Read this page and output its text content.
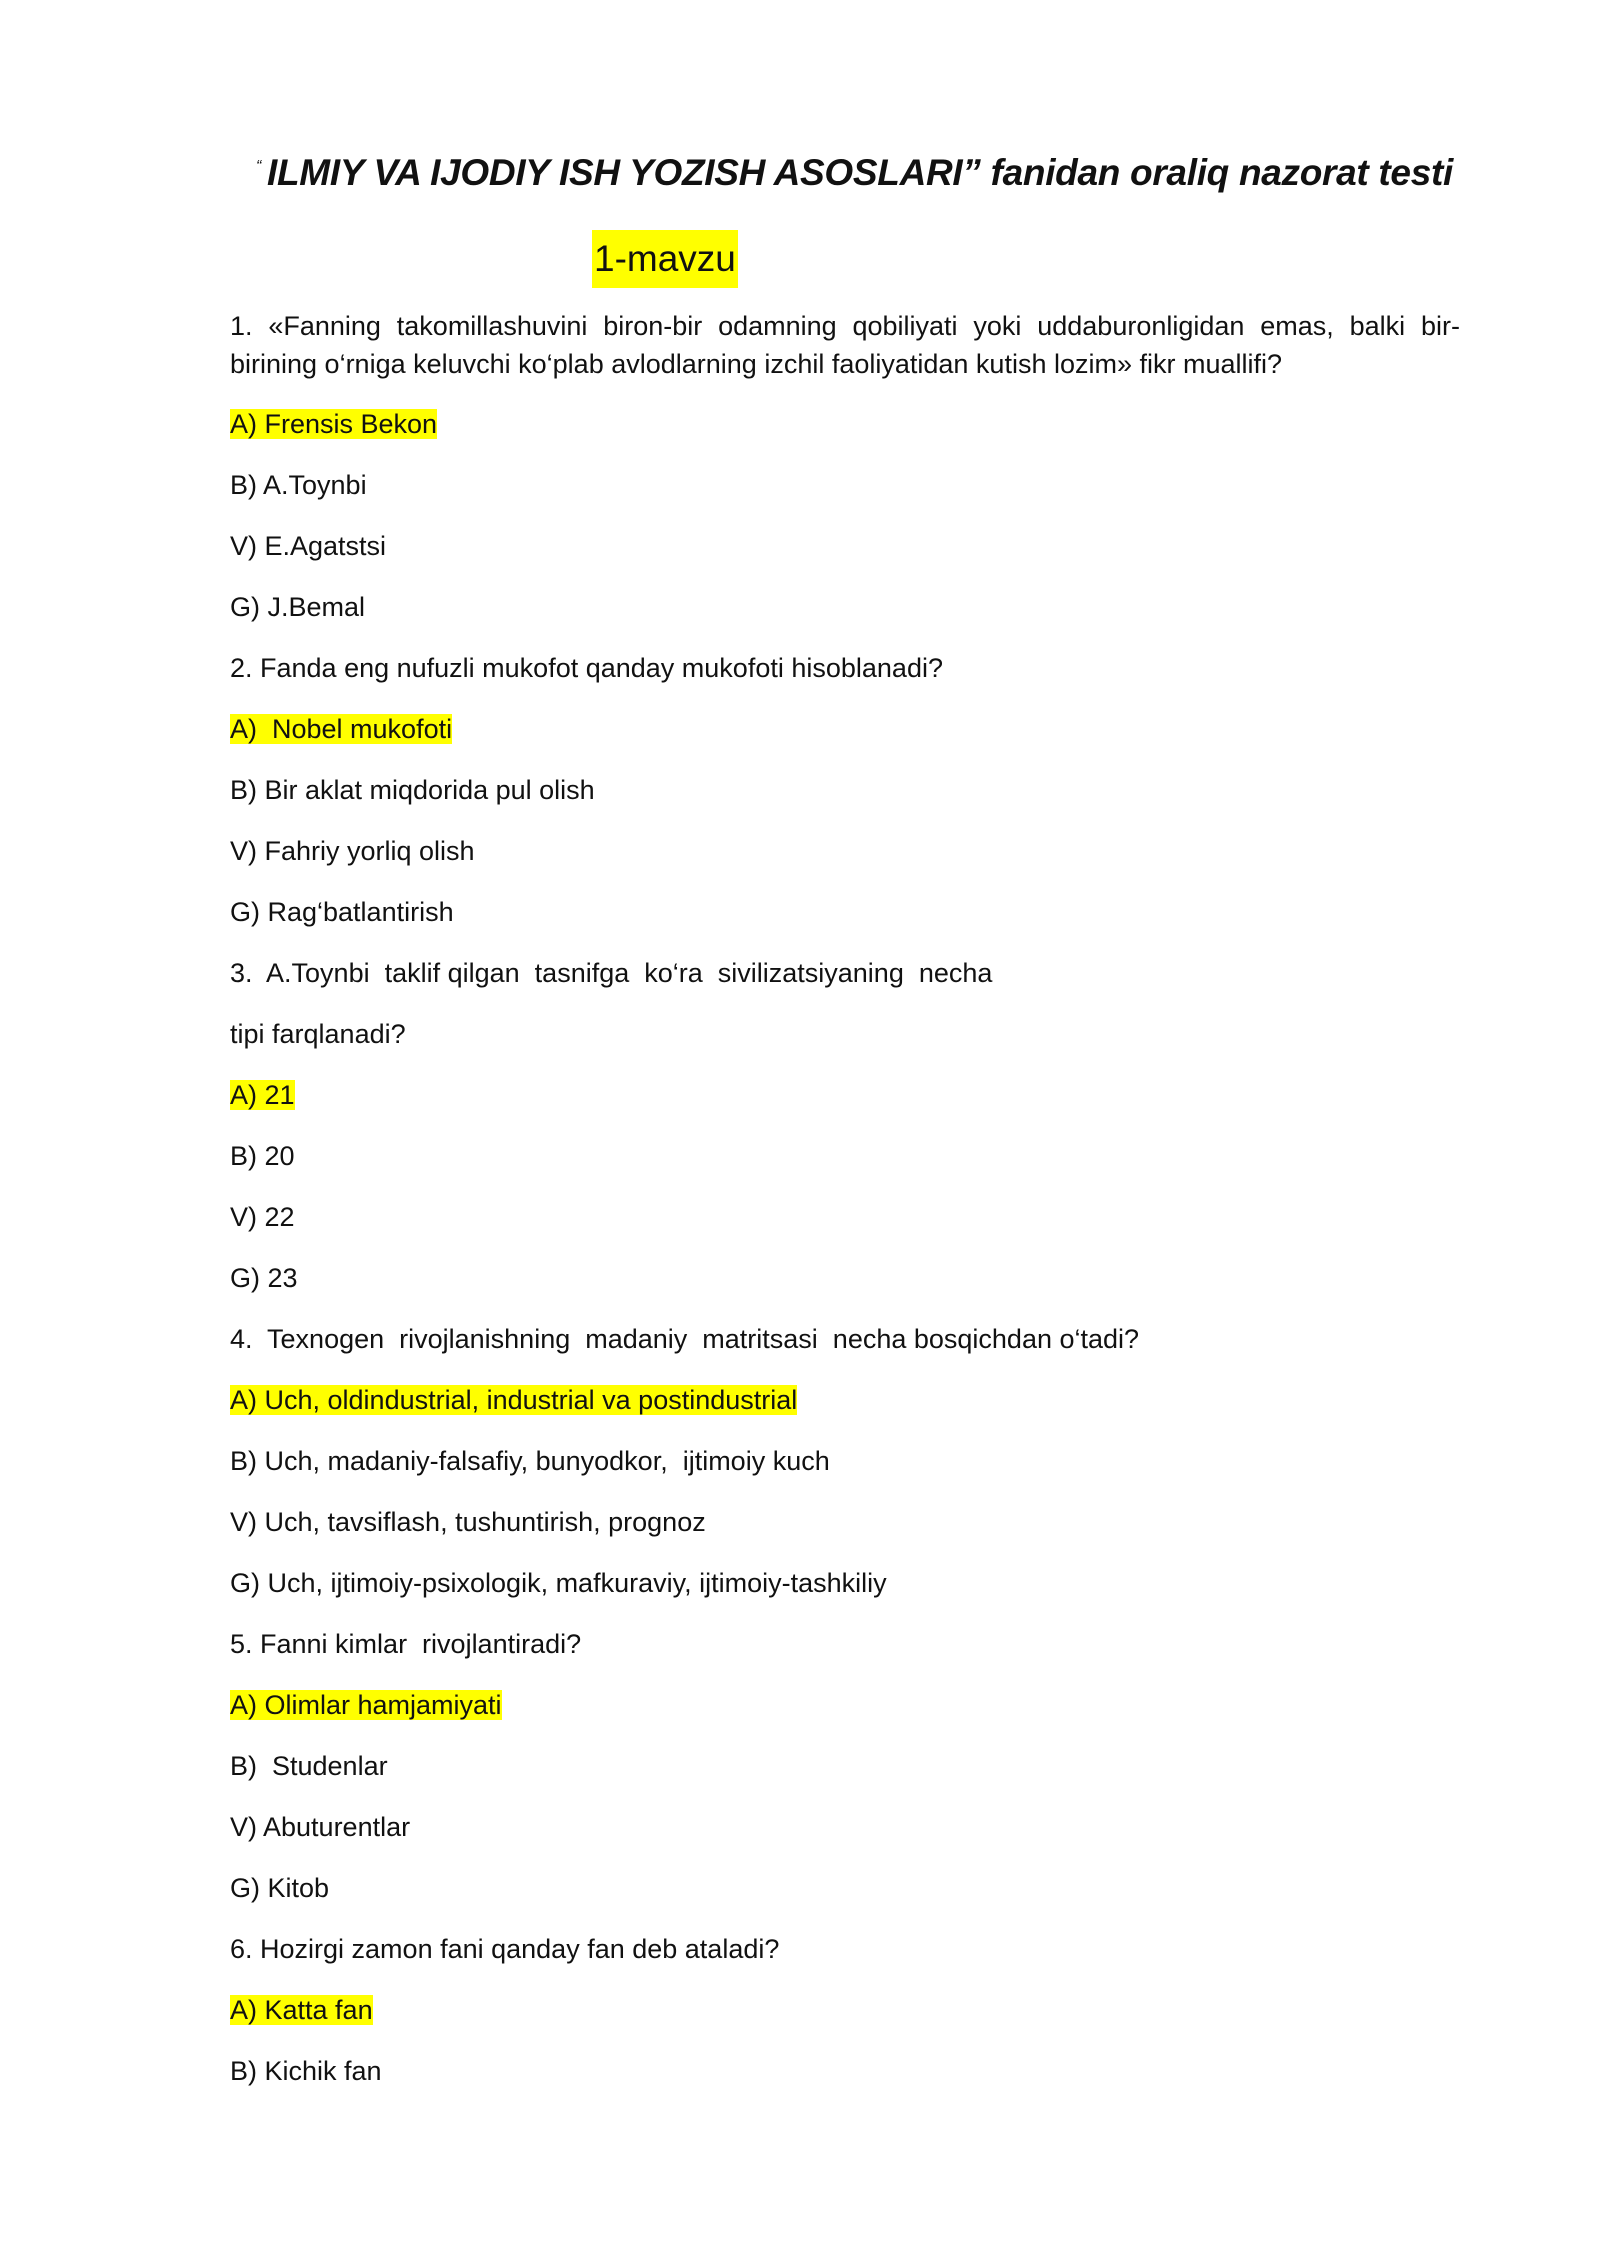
“ ILMIY VA IJODIY ISH YOZISH ASOSLARI” fanidan oraliq nazorat testi
1-mavzu

1. «Fanning takomillashuvini biron-bir odamning qobiliyati yoki uddaburonligidan emas, balki bir-birining o‘rniga keluvchi ko‘plab avlodlarning izchil faoliyatidan kutish lozim» fikr muallifi?

A) Frensis Bekon
B) A.Toynbi
V) E.Agatstsi
G) J.Bemal
2. Fanda eng nufuzli mukofot qanday mukofoti hisoblanadi?
A)  Nobel mukofoti
B) Bir aklat miqdorida pul olish
V) Fahriy yorliq olish
G) Rag‘batlantirish
3.  A.Toynbi  taklif qilgan  tasnifga  ko‘ra  sivilizatsiyaning  necha
tipi farqlanadi?
A) 21
B) 20
V) 22
G) 23
4.  Texnogen  rivojlanishning  madaniy  matritsasi  necha bosqichdan o‘tadi?
A) Uch, oldindustrial, industrial va postindustrial
B) Uch, madaniy-falsafiy, bunyodkor,  ijtimoiy kuch
V) Uch, tavsiflash, tushuntirish, prognoz
G) Uch, ijtimoiy-psixologik, mafkuraviy, ijtimoiy-tashkiliy
5. Fanni kimlar  rivojlantiradi?
A) Olimlar hamjamiyati
B)  Studenlar
V) Abuturentlar
G) Kitob
6. Hozirgi zamon fani qanday fan deb ataladi?
A) Katta fan
B) Kichik fan
